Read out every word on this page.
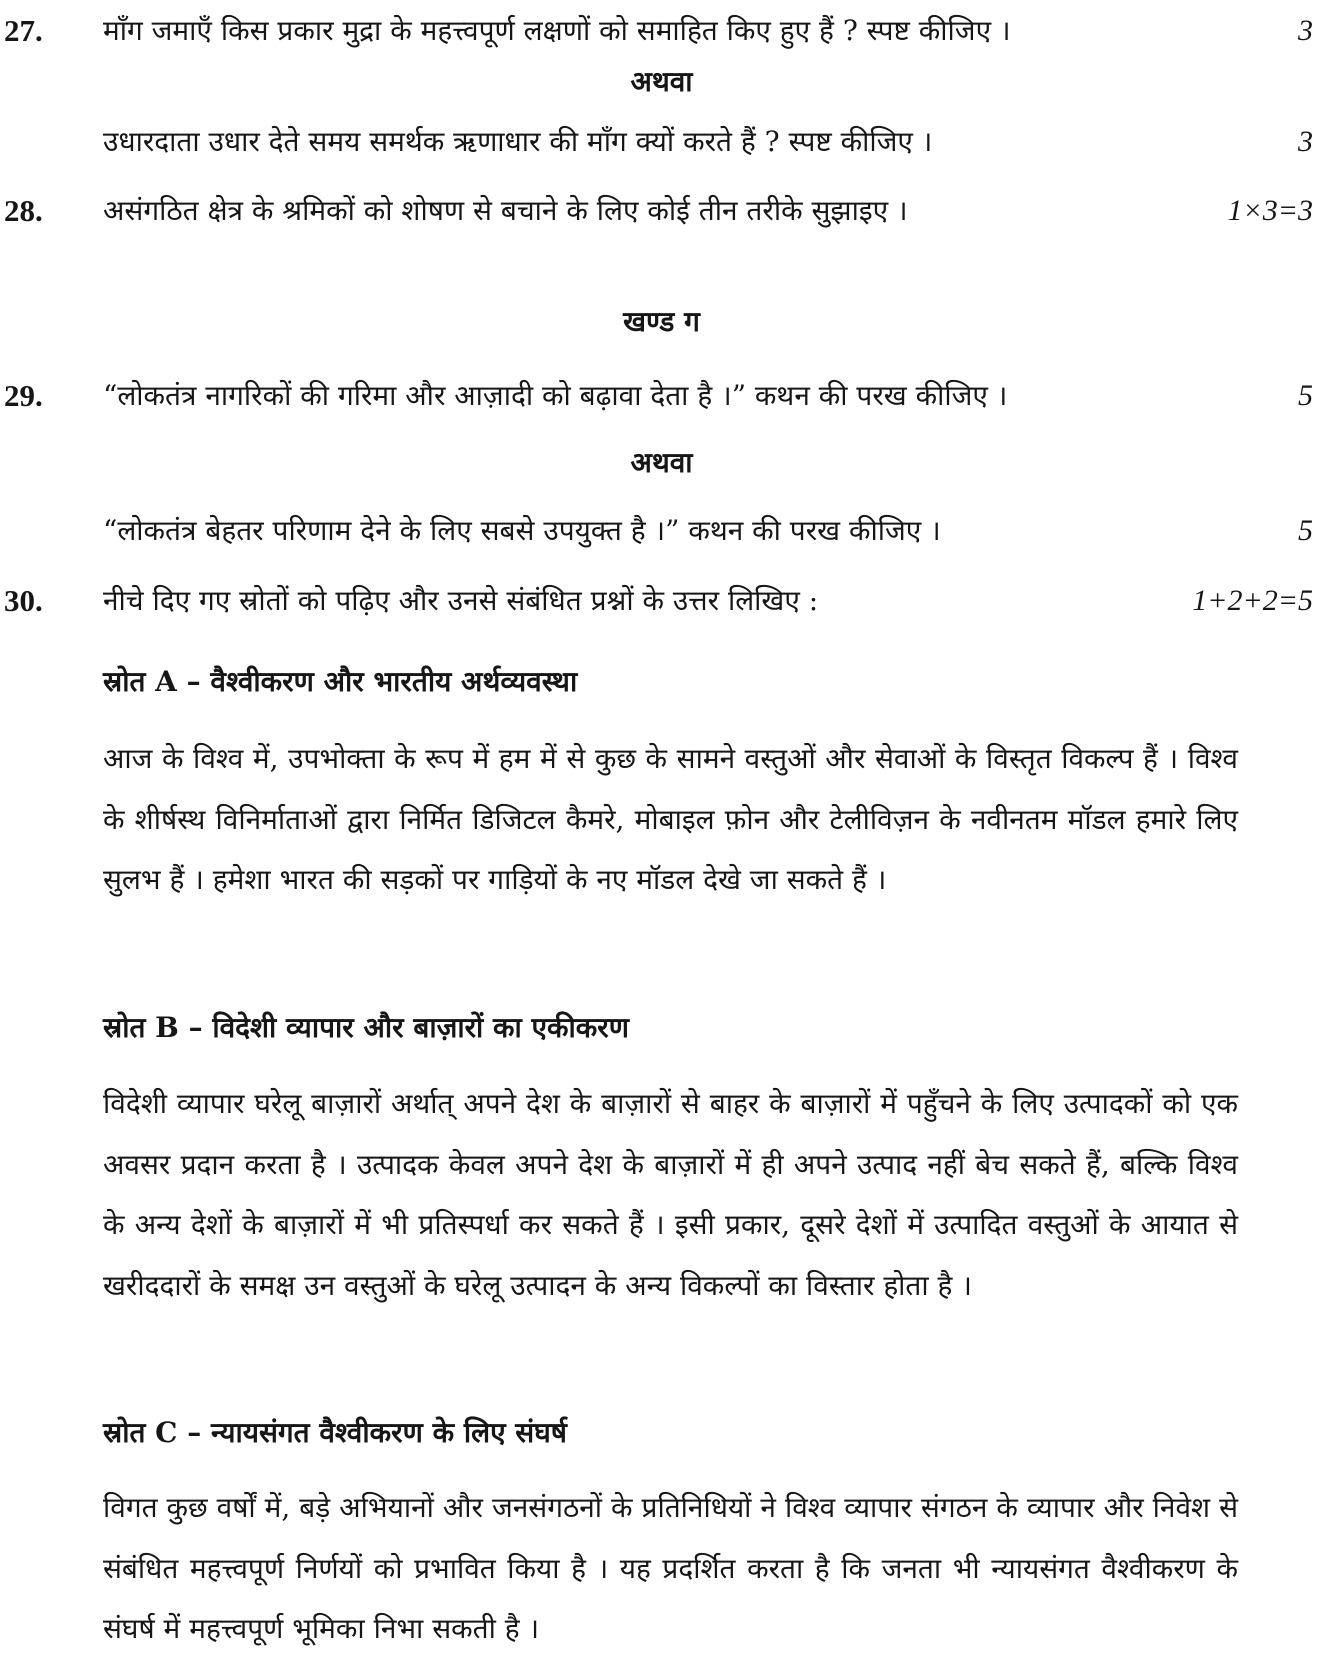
27. माँग जमाएँ किस प्रकार मुद्रा के महत्त्वपूर्ण लक्षणों को समाहित किए हुए हैं ? स्पष्ट कीजिए ।	3
अथवा
उधारदाता उधार देते समय समर्थक ऋणाधार की माँग क्यों करते हैं ? स्पष्ट कीजिए ।	3
28. असंगठित क्षेत्र के श्रमिकों को शोषण से बचाने के लिए कोई तीन तरीके सुझाइए ।	1×3=3
खण्ड ग
29. “लोकतंत्र नागरिकों की गरिमा और आज़ादी को बढ़ावा देता है ।” कथन की परख कीजिए ।	5
अथवा
“लोकतंत्र बेहतर परिणाम देने के लिए सबसे उपयुक्त है ।” कथन की परख कीजिए ।	5
30. नीचे दिए गए स्रोतों को पढ़िए और उनसे संबंधित प्रश्नों के उत्तर लिखिए :	1+2+2=5
स्रोत A – वैश्वीकरण और भारतीय अर्थव्यवस्था
आज के विश्व में, उपभोक्ता के रूप में हम में से कुछ के सामने वस्तुओं और सेवाओं के विस्तृत विकल्प हैं । विश्व के शीर्षस्थ विनिर्माताओं द्वारा निर्मित डिजिटल कैमरे, मोबाइल फ़ोन और टेलीविज़न के नवीनतम मॉडल हमारे लिए सुलभ हैं । हमेशा भारत की सड़कों पर गाड़ियों के नए मॉडल देखे जा सकते हैं ।
स्रोत B – विदेशी व्यापार और बाज़ारों का एकीकरण
विदेशी व्यापार घरेलू बाज़ारों अर्थात् अपने देश के बाज़ारों से बाहर के बाज़ारों में पहुँचने के लिए उत्पादकों को एक अवसर प्रदान करता है । उत्पादक केवल अपने देश के बाज़ारों में ही अपने उत्पाद नहीं बेच सकते हैं, बल्कि विश्व के अन्य देशों के बाज़ारों में भी प्रतिस्पर्धा कर सकते हैं । इसी प्रकार, दूसरे देशों में उत्पादित वस्तुओं के आयात से खरीददारों के समक्ष उन वस्तुओं के घरेलू उत्पादन के अन्य विकल्पों का विस्तार होता है ।
स्रोत C – न्यायसंगत वैश्वीकरण के लिए संघर्ष
विगत कुछ वर्षों में, बड़े अभियानों और जनसंगठनों के प्रतिनिधियों ने विश्व व्यापार संगठन के व्यापार और निवेश से संबंधित महत्त्वपूर्ण निर्णयों को प्रभावित किया है । यह प्रदर्शित करता है कि जनता भी न्यायसंगत वैश्वीकरण के संघर्ष में महत्त्वपूर्ण भूमिका निभा सकती है ।
